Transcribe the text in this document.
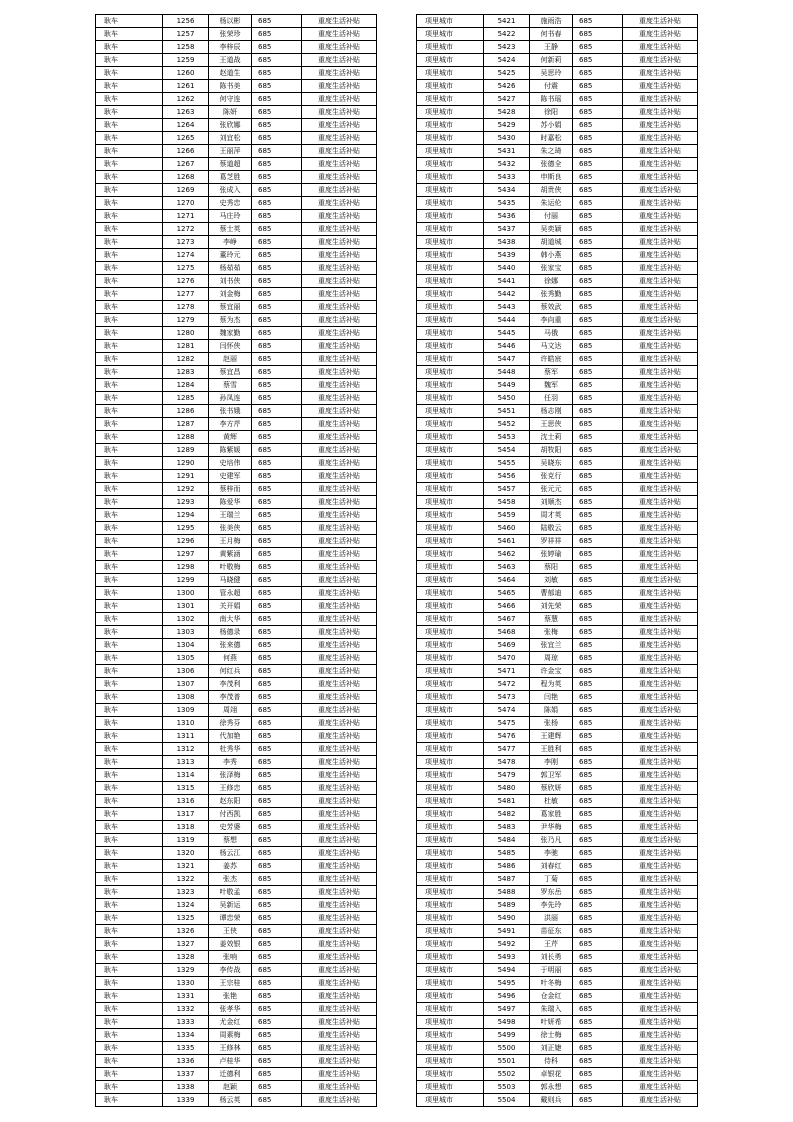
耿车	1256	杨以彬	685	重度生活补贴
耿车	1257	张荣珍	685	重度生活补贴
耿车	1258	李梓辰	685	重度生活补贴
耿车	1259	王道战	685	重度生活补贴
耿车	1260	赵道生	685	重度生活补贴
耿车	1261	陈书美	685	重度生活补贴
耿车	1262	何守连	685	重度生活补贴
耿车	1263	陈妍	685	重度生活补贴
耿车	1264	张欣娜	685	重度生活补贴
耿车	1265	刘宜松	685	重度生活补贴
耿车	1266	王丽萍	685	重度生活补贴
耿车	1267	蔡道超	685	重度生活补贴
耿车	1268	葛芝胜	685	重度生活补贴
耿车	1269	张成入	685	重度生活补贴
耿车	1270	史秀忠	685	重度生活补贴
耿车	1271	马庄玲	685	重度生活补贴
耿车	1272	蔡士英	685	重度生活补贴
耿车	1273	李峥	685	重度生活补贴
耿车	1274	董玲元	685	重度生活补贴
耿车	1275	杨茹茹	685	重度生活补贴
耿车	1276	刘书侠	685	重度生活补贴
耿车	1277	刘金梅	685	重度生活补贴
耿车	1278	蔡宜丽	685	重度生活补贴
耿车	1279	蔡为杰	685	重度生活补贴
耿车	1280	魏家勤	685	重度生活补贴
耿车	1281	闫怀侠	685	重度生活补贴
耿车	1282	赵丽	685	重度生活补贴
耿车	1283	蔡宜昌	685	重度生活补贴
耿车	1284	蔡雪	685	重度生活补贴
耿车	1285	孙凤连	685	重度生活补贴
耿车	1286	张书娥	685	重度生活补贴
耿车	1287	李方芹	685	重度生活补贴
耿车	1288	黄辉	685	重度生活补贴
耿车	1289	陈紫媛	685	重度生活补贴
耿车	1290	史培伟	685	重度生活补贴
耿车	1291	史建军	685	重度生活补贴
耿车	1292	蔡梓而	685	重度生活补贴
耿车	1293	陈爱华	685	重度生活补贴
耿车	1294	王瑞兰	685	重度生活补贴
耿车	1295	张美侠	685	重度生活补贴
耿车	1296	王月梅	685	重度生活补贴
耿车	1297	黄紫涵	685	重度生活补贴
耿车	1298	叶敬梅	685	重度生活补贴
耿车	1299	马晓健	685	重度生活补贴
耿车	1300	管永超	685	重度生活补贴
耿车	1301	关开娟	685	重度生活补贴
耿车	1302	南大华	685	重度生活补贴
耿车	1303	杨德录	685	重度生活补贴
耿车	1304	张来德	685	重度生活补贴
耿车	1305	何燕	685	重度生活补贴
耿车	1306	何红兵	685	重度生活补贴
耿车	1307	李茂利	685	重度生活补贴
耿车	1308	李茂普	685	重度生活补贴
耿车	1309	周翊	685	重度生活补贴
耿车	1310	徐秀芬	685	重度生活补贴
耿车	1311	代加艳	685	重度生活补贴
耿车	1312	杜秀华	685	重度生活补贴
耿车	1313	李秀	685	重度生活补贴
耿车	1314	张泽梅	685	重度生活补贴
耿车	1315	王修忠	685	重度生活补贴
耿车	1316	赵东阳	685	重度生活补贴
耿车	1317	付西凯	685	重度生活补贴
耿车	1318	史芳婆	685	重度生活补贴
耿车	1319	蔡想	685	重度生活补贴
耿车	1320	杨云江	685	重度生活补贴
耿车	1321	姜苏	685	重度生活补贴
耿车	1322	张杰	685	重度生活补贴
耿车	1323	叶敬孟	685	重度生活补贴
耿车	1324	吴新运	685	重度生活补贴
耿车	1325	谭忠荣	685	重度生活补贴
耿车	1326	王侠	685	重度生活补贴
耿车	1327	姜效银	685	重度生活补贴
耿车	1328	张响	685	重度生活补贴
耿车	1329	李传战	685	重度生活补贴
耿车	1330	王宗桂	685	重度生活补贴
耿车	1331	张艳	685	重度生活补贴
耿车	1332	张孝华	685	重度生活补贴
耿车	1333	尤金红	685	重度生活补贴
耿车	1334	周素梅	685	重度生活补贴
耿车	1335	王修林	685	重度生活补贴
耿车	1336	卢桂华	685	重度生活补贴
耿车	1337	迁德利	685	重度生活补贴
耿车	1338	赵颖	685	重度生活补贴
耿车	1339	杨云英	685	重度生活补贴
项里城市	5421	施雨浩	685	重度生活补贴
项里城市	5422	何书春	685	重度生活补贴
项里城市	5423	王静	685	重度生活补贴
项里城市	5424	何新莉	685	重度生活补贴
项里城市	5425	吴思玲	685	重度生活补贴
项里城市	5426	付震	685	重度生活补贴
项里城市	5427	陈书瑶	685	重度生活补贴
项里城市	5428	徐阳	685	重度生活补贴
项里城市	5429	苏小娟	685	重度生活补贴
项里城市	5430	时嘉松	685	重度生活补贴
项里城市	5431	朱之琦	685	重度生活补贴
项里城市	5432	张德全	685	重度生活补贴
项里城市	5433	申斯良	685	重度生活补贴
项里城市	5434	胡贵侠	685	重度生活补贴
项里城市	5435	朱运伦	685	重度生活补贴
项里城市	5436	付丽	685	重度生活补贴
项里城市	5437	吴奕颖	685	重度生活补贴
项里城市	5438	胡道城	685	重度生活补贴
项里城市	5439	韩小燕	685	重度生活补贴
项里城市	5440	张家宝	685	重度生活补贴
项里城市	5441	徐娜	685	重度生活补贴
项里城市	5442	张秀勤	685	重度生活补贴
项里城市	5443	蔡效武	685	重度生活补贴
项里城市	5444	李向重	685	重度生活补贴
项里城市	5445	马俄	685	重度生活补贴
项里城市	5446	马文达	685	重度生活补贴
项里城市	5447	许皓宸	685	重度生活补贴
项里城市	5448	蔡军	685	重度生活补贴
项里城市	5449	魏军	685	重度生活补贴
项里城市	5450	任羽	685	重度生活补贴
项里城市	5451	杨志刚	685	重度生活补贴
项里城市	5452	王思侠	685	重度生活补贴
项里城市	5453	沈士莉	685	重度生活补贴
项里城市	5454	胡牧阳	685	重度生活补贴
项里城市	5455	吴晓东	685	重度生活补贴
项里城市	5456	张克行	685	重度生活补贴
项里城市	5457	张元元	685	重度生活补贴
项里城市	5458	刘顺杰	685	重度生活补贴
项里城市	5459	周才英	685	重度生活补贴
项里城市	5460	陆敬云	685	重度生活补贴
项里城市	5461	罗祥祥	685	重度生活补贴
项里城市	5462	张婷瑜	685	重度生活补贴
项里城市	5463	蔡阳	685	重度生活补贴
项里城市	5464	刘敏	685	重度生活补贴
项里城市	5465	曹郁迪	685	重度生活补贴
项里城市	5466	刘先荣	685	重度生活补贴
项里城市	5467	蔡慧	685	重度生活补贴
项里城市	5468	张梅	685	重度生活补贴
项里城市	5469	张宜兰	685	重度生活补贴
项里城市	5470	周琼	685	重度生活补贴
项里城市	5471	许金宝	685	重度生活补贴
项里城市	5472	程为英	685	重度生活补贴
项里城市	5473	闫艳	685	重度生活补贴
项里城市	5474	陈娟	685	重度生活补贴
项里城市	5475	张杨	685	重度生活补贴
项里城市	5476	王建辉	685	重度生活补贴
项里城市	5477	王胜利	685	重度生活补贴
项里城市	5478	李刚	685	重度生活补贴
项里城市	5479	郭卫军	685	重度生活补贴
项里城市	5480	蔡欣妍	685	重度生活补贴
项里城市	5481	杜敏	685	重度生活补贴
项里城市	5482	葛家胜	685	重度生活补贴
项里城市	5483	尹华梅	685	重度生活补贴
项里城市	5484	张乃凡	685	重度生活补贴
项里城市	5485	李驰	685	重度生活补贴
项里城市	5486	刘春红	685	重度生活补贴
项里城市	5487	丁菊	685	重度生活补贴
项里城市	5488	罗东岳	685	重度生活补贴
项里城市	5489	李先玲	685	重度生活补贴
项里城市	5490	洪丽	685	重度生活补贴
项里城市	5491	苗征东	685	重度生活补贴
项里城市	5492	王芹	685	重度生活补贴
项里城市	5493	刘长勇	685	重度生活补贴
项里城市	5494	于明丽	685	重度生活补贴
项里城市	5495	叶冬梅	685	重度生活补贴
项里城市	5496	仓金红	685	重度生活补贴
项里城市	5497	朱瑞入	685	重度生活补贴
项里城市	5498	叶妍希	685	重度生活补贴
项里城市	5499	徐士梅	685	重度生活补贴
项里城市	5500	刘正婕	685	重度生活补贴
项里城市	5501	侍科	685	重度生活补贴
项里城市	5502	卓银花	685	重度生活补贴
项里城市	5503	郭永想	685	重度生活补贴
项里城市	5504	戴则兵	685	重度生活补贴
